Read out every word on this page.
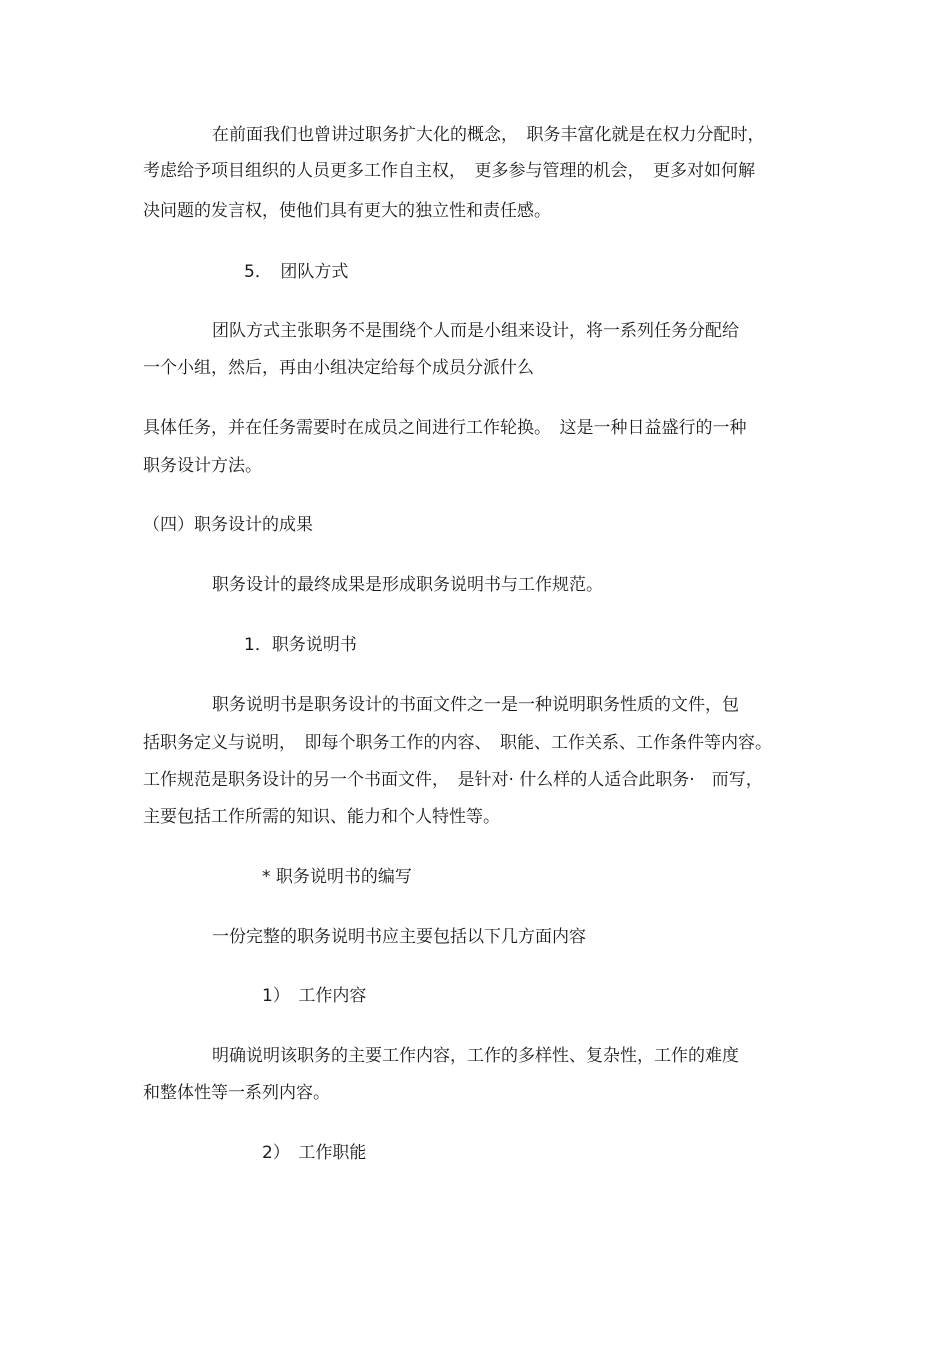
在前面我们也曾讲过职务扩大化的概念，　职务丰富化就是在权力分配时，
考虑给予项目组织的人员更多工作自主权，　更多参与管理的机会，　更多对如何解
决问题的发言权，使他们具有更大的独立性和责任感。
5．　团队方式
团队方式主张职务不是围绕个人而是小组来设计，将一系列任务分配给
一个小组，然后，再由小组决定给每个成员分派什么
具体任务，并在任务需要时在成员之间进行工作轮换。　这是一种日益盛行的一种
职务设计方法。
（四）职务设计的成果
职务设计的最终成果是形成职务说明书与工作规范。
1．职务说明书
职务说明书是职务设计的书面文件之一是一种说明职务性质的文件，包
括职务定义与说明，　即每个职务工作的内容、　职能、工作关系、工作条件等内容。
工作规范是职务设计的另一个书面文件，　是针对· 什么样的人适合此职务·　而写，
主要包括工作所需的知识、能力和个人特性等。
* 职务说明书的编写
一份完整的职务说明书应主要包括以下几方面内容
1）　工作内容
明确说明该职务的主要工作内容，工作的多样性、复杂性，工作的难度
和整体性等一系列内容。
2）　工作职能
